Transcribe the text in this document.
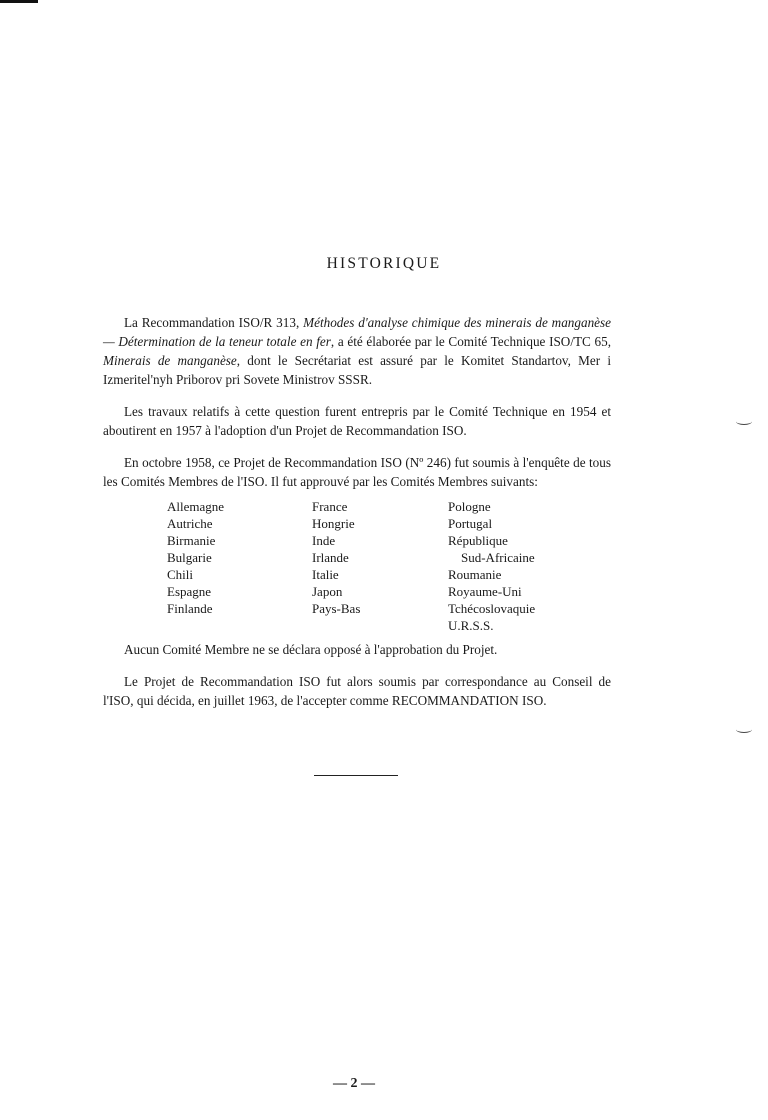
HISTORIQUE

La Recommandation ISO/R 313, Méthodes d'analyse chimique des minerais de manganèse — Détermination de la teneur totale en fer, a été élaborée par le Comité Technique ISO/TC 65, Minerais de manganèse, dont le Secrétariat est assuré par le Komitet Standartov, Mer i Izmeritel'nyh Priborov pri Sovete Ministrov SSSR.

Les travaux relatifs à cette question furent entrepris par le Comité Technique en 1954 et aboutirent en 1957 à l'adoption d'un Projet de Recommandation ISO.

En octobre 1958, ce Projet de Recommandation ISO (Nº 246) fut soumis à l'enquête de tous les Comités Membres de l'ISO. Il fut approuvé par les Comités Membres suivants:

Allemagne
Autriche
Birmanie
Bulgarie
Chili
Espagne
Finlande
France
Hongrie
Inde
Irlande
Italie
Japon
Pays-Bas
Pologne
Portugal
République
Sud-Africaine
Roumanie
Royaume-Uni
Tchécoslovaquie
U.R.S.S.

Aucun Comité Membre ne se déclara opposé à l'approbation du Projet.

Le Projet de Recommandation ISO fut alors soumis par correspondance au Conseil de l'ISO, qui décida, en juillet 1963, de l'accepter comme RECOMMANDATION ISO.

— 2 —
